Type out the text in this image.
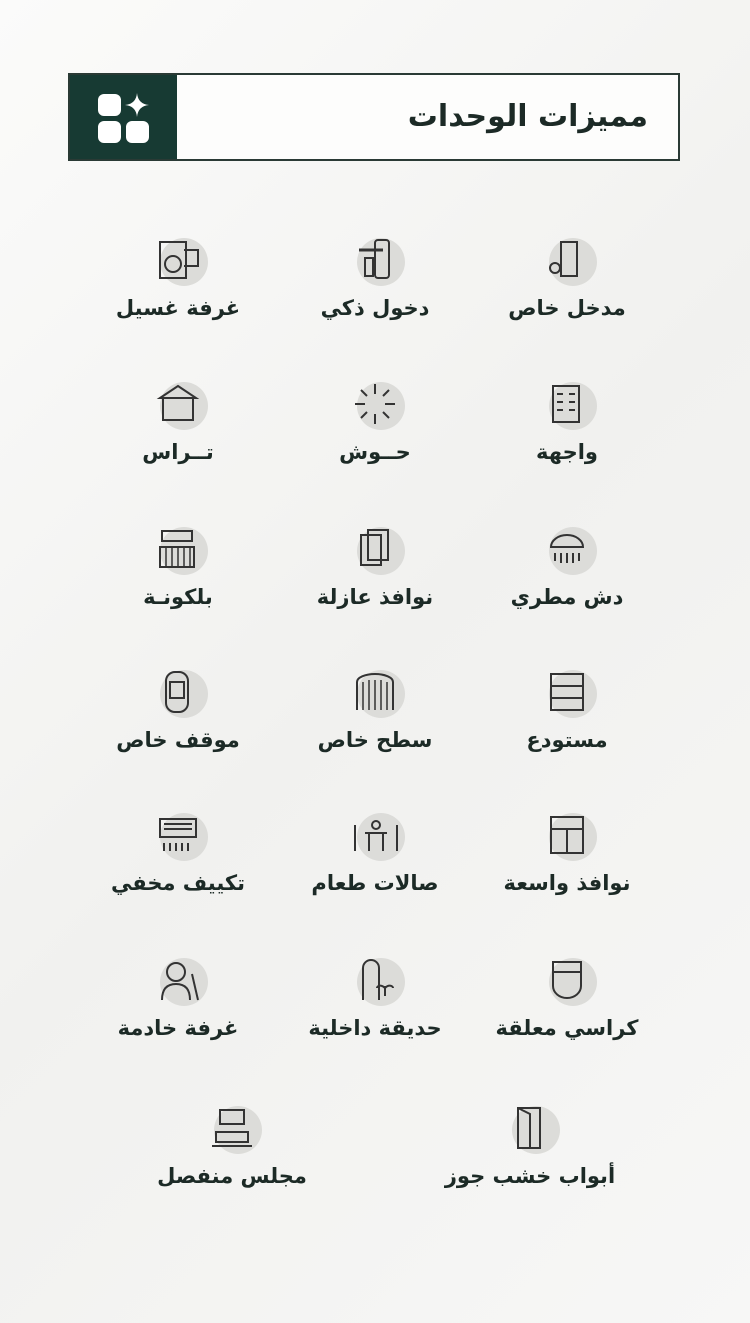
مميزات الوحدات
مدخل خاص
دخول ذكي
غرفة غسيل
واجهة
حــوش
تــراس
دش مطري
نوافذ عازلة
بلكونـة
مستودع
سطح خاص
موقف خاص
نوافذ واسعة
صالات طعام
تكييف مخفي
كراسي معلقة
حديقة داخلية
غرفة خادمة
أبواب خشب جوز
مجلس منفصل
